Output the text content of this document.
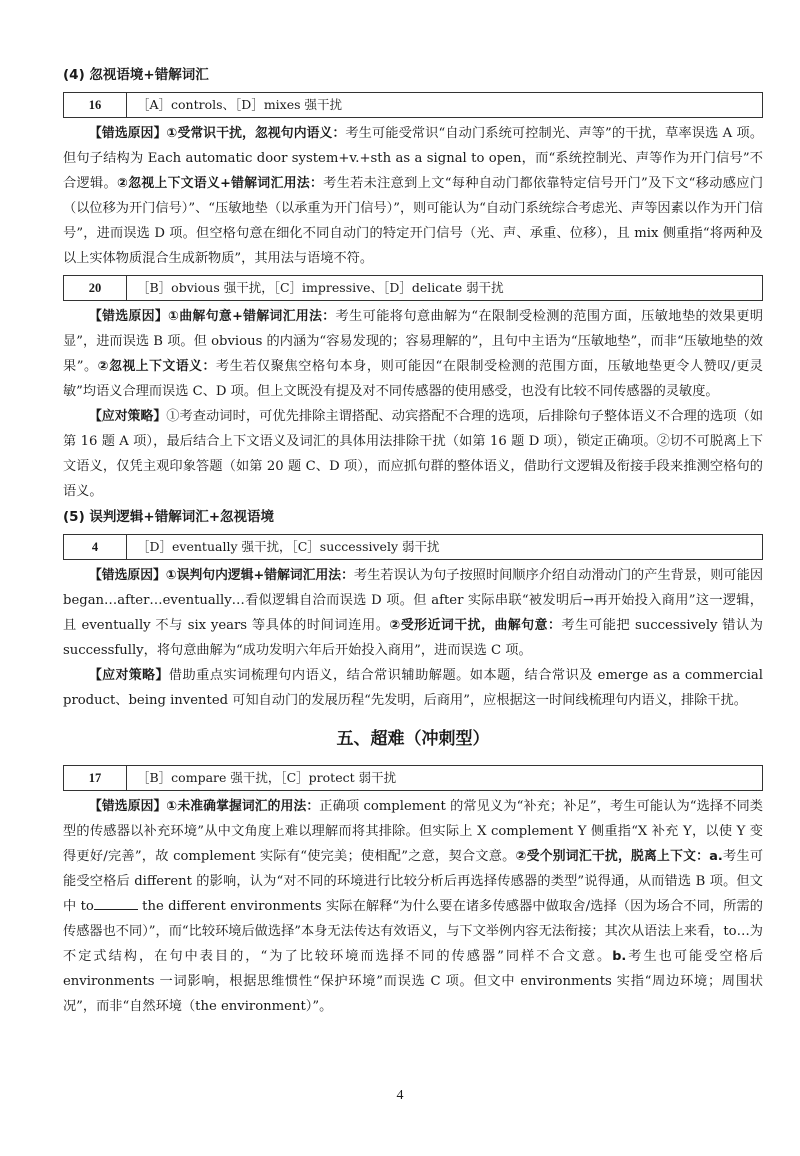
(4) 忽视语境+错解词汇
16	［A］controls、［D］mixes 强干扰

【错选原因】①受常识干扰，忽视句内语义：考生可能受常识“自动门系统可控制光、声等”的干扰，草率误选 A 项。但句子结构为 Each automatic door system+v.+sth as a signal to open，而“系统控制光、声等作为开门信号”不合逻辑。②忽视上下文语义+错解词汇用法：考生若未注意到上文“每种自动门都依靠特定信号开门”及下文“移动感应门（以位移为开门信号）”、“压敏地垫（以承重为开门信号）”，则可能认为“自动门系统综合考虑光、声等因素以作为开门信号”，进而误选 D 项。但空格句意在细化不同自动门的特定开门信号（光、声、承重、位移），且 mix 侧重指“将两种及以上实体物质混合生成新物质”，其用法与语境不符。

20	［B］obvious 强干扰，［C］impressive、［D］delicate 弱干扰

【错选原因】①曲解句意+错解词汇用法：考生可能将句意曲解为“在限制受检测的范围方面，压敏地垫的效果更明显”，进而误选 B 项。但 obvious 的内涵为“容易发现的；容易理解的”，且句中主语为“压敏地垫”，而非“压敏地垫的效果”。②忽视上下文语义：考生若仅聚焦空格句本身，则可能因“在限制受检测的范围方面，压敏地垫更令人赞叹/更灵敏”均语义合理而误选 C、D 项。但上文既没有提及对不同传感器的使用感受，也没有比较不同传感器的灵敏度。

【应对策略】①考查动词时，可优先排除主谓搭配、动宾搭配不合理的选项，后排除句子整体语义不合理的选项（如第 16 题 A 项），最后结合上下文语义及词汇的具体用法排除干扰（如第 16 题 D 项），锁定正确项。②切不可脱离上下文语义，仅凭主观印象答题（如第 20 题 C、D 项），而应抓句群的整体语义，借助行文逻辑及衔接手段来推测空格句的语义。

(5) 误判逻辑+错解词汇+忽视语境
4	［D］eventually 强干扰，［C］successively 弱干扰

【错选原因】①误判句内逻辑+错解词汇用法：考生若误认为句子按照时间顺序介绍自动滑动门的产生背景，则可能因 began…after…eventually…看似逻辑自洽而误选 D 项。但 after 实际串联“被发明后→再开始投入商用”这一逻辑，且 eventually 不与 six years 等具体的时间词连用。②受形近词干扰，曲解句意：考生可能把 successively 错认为 successfully，将句意曲解为“成功发明六年后开始投入商用”，进而误选 C 项。

【应对策略】借助重点实词梳理句内语义，结合常识辅助解题。如本题，结合常识及 emerge as a commercial product、being invented 可知自动门的发展历程“先发明，后商用”，应根据这一时间线梳理句内语义，排除干扰。

五、超难（冲刺型）
17	［B］compare 强干扰，［C］protect 弱干扰

【错选原因】①未准确掌握词汇的用法：正确项 complement 的常见义为“补充；补足”，考生可能认为“选择不同类型的传感器以补充环境”从中文角度上难以理解而将其排除。但实际上 X complement Y 侧重指“X 补充 Y，以使 Y 变得更好/完善”，故 complement 实际有“使完美；使相配”之意，契合文意。②受个别词汇干扰，脱离上下文：a.考生可能受空格后 different 的影响，认为“对不同的环境进行比较分析后再选择传感器的类型”说得通，从而错选 B 项。但文中 to	the different environments 实际在解释“为什么要在诸多传感器中做取舍/选择（因为场合不同，所需的传感器也不同）”，而“比较环境后做选择”本身无法传达有效语义，与下文举例内容无法衔接；其次从语法上来看，to…为不定式结构，在句中表目的，“为了比较环境而选择不同的传感器”同样不合文意。b.考生也可能受空格后 environments 一词影响，根据思维惯性“保护环境”而误选 C 项。但文中 environments 实指“周边环境；周围状况”，而非“自然环境（the environment）”。

4
